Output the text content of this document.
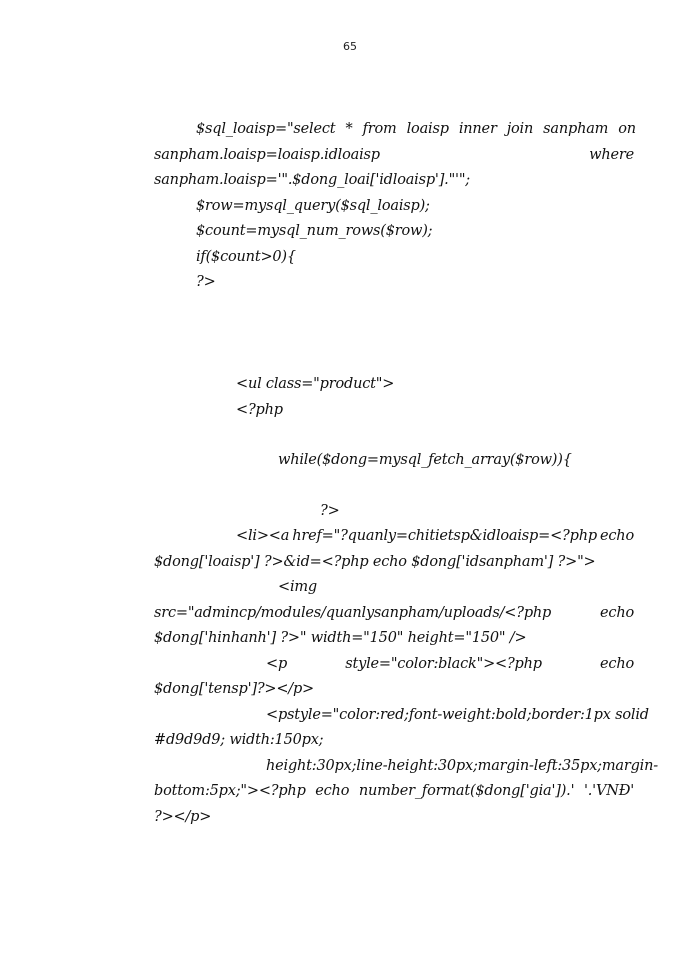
65
$sql_loaisp="select * from loaisp inner join sanpham on
sanpham.loaisp=loaisp.idloaisp	where
sanpham.loaisp='".$dong_loai['idloaisp']."'";
$row=mysql_query($sql_loaisp);
$count=mysql_num_rows($row);
if($count>0){
?>
<ul class="product">
<?php
while($dong=mysql_fetch_array($row)){
?>
<li><a href="?quanly=chitietsp&idloaisp=<?php echo
$dong['loaisp'] ?>&id=<?php echo $dong['idsanpham'] ?>">
<img
src="admincp/modules/quanlysanpham/uploads/<?php	echo
$dong['hinhanh'] ?>" width="150" height="150" />
<p	style="color:black"><?php	echo
$dong['tensp']?></p>
<p style="color:red;font-weight:bold; border:1px solid
#d9d9d9; width:150px;
height:30px; line-height:30px;margin-left:35px;margin-
bottom:5px;"><?php echo number_format($dong['gia']).' '.'VNĐ'
?></p>
